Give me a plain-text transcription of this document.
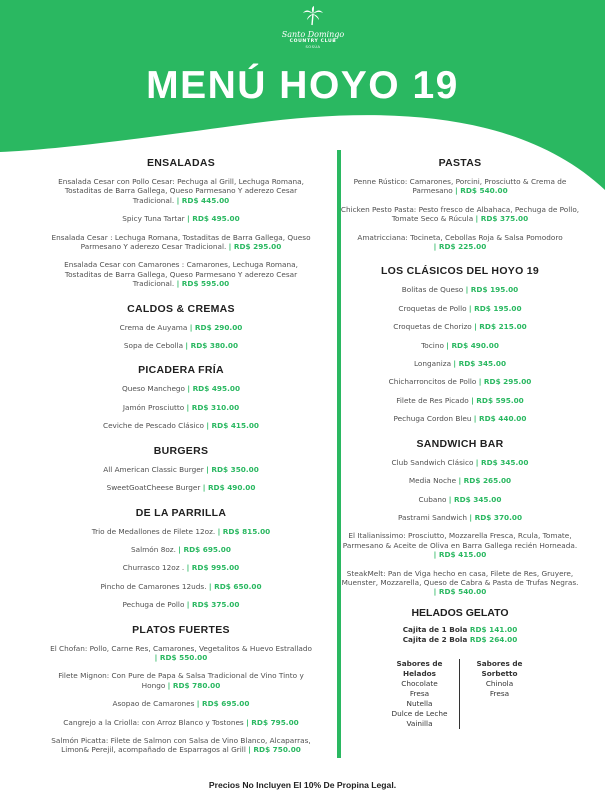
Santo Domingo
COUNTRY CLUB
SOSÚA
MENÚ HOYO 19
ENSALADAS
Ensalada Cesar con Pollo Cesar: Pechuga al Grill, Lechuga Romana, Tostaditas de Barra Gallega, Queso Parmesano Y aderezo Cesar Tradicional. | RD$ 445.00
Spicy Tuna Tartar | RD$ 495.00
Ensalada Cesar : Lechuga Romana, Tostaditas de Barra Gallega, Queso Parmesano Y aderezo Cesar Tradicional. | RD$ 295.00
Ensalada Cesar con Camarones : Camarones, Lechuga Romana, Tostaditas de Barra Gallega, Queso Parmesano Y aderezo Cesar Tradicional. | RD$ 595.00
CALDOS & CREMAS
Crema de Auyama | RD$ 290.00
Sopa de Cebolla | RD$ 380.00
PICADERA FRÍA
Queso Manchego | RD$ 495.00
Jamón Prosciutto | RD$ 310.00
Ceviche de Pescado Clásico | RD$ 415.00
BURGERS
All American Classic Burger | RD$ 350.00
SweetGoatCheese Burger | RD$ 490.00
DE LA PARRILLA
Trio de Medallones de Filete 12oz. | RD$ 815.00
Salmón 8oz. | RD$ 695.00
Churrasco 12oz . | RD$ 995.00
Pincho de Camarones 12uds. | RD$ 650.00
Pechuga de Pollo | RD$ 375.00
PLATOS FUERTES
El Chofan: Pollo, Carne Res, Camarones, Vegetalitos & Huevo Estrallado | RD$ 550.00
Filete Mignon: Con Pure de Papa & Salsa Tradicional de Vino Tinto y Hongo | RD$ 780.00
Asopao de Camarones | RD$ 695.00
Cangrejo a la Criolla: con Arroz Blanco y Tostones | RD$ 795.00
Salmón Picatta: Filete de Salmon con Salsa de Vino Blanco, Alcaparras, Limon& Perejil, acompañado de Esparragos al Grill | RD$ 750.00
PASTAS
Penne Rústico: Camarones, Porcini, Prosciutto & Crema de Parmesano | RD$ 540.00
Chicken Pesto Pasta: Pesto fresco de Albahaca, Pechuga de Pollo, Tomate Seco & Rúcula | RD$ 375.00
Amatricciana: Tocineta, Cebollas Roja & Salsa Pomodoro | RD$ 225.00
LOS CLÁSICOS DEL HOYO 19
Bolitas de Queso | RD$ 195.00
Croquetas de Pollo | RD$ 195.00
Croquetas de Chorizo | RD$ 215.00
Tocino | RD$ 490.00
Longaniza | RD$ 345.00
Chicharroncitos de Pollo | RD$ 295.00
Filete de Res Picado | RD$ 595.00
Pechuga Cordon Bleu | RD$ 440.00
SANDWICH BAR
Club Sandwich Clásico | RD$ 345.00
Media Noche | RD$ 265.00
Cubano | RD$ 345.00
Pastrami Sandwich | RD$ 370.00
El Italianissimo: Prosciutto, Mozzarella Fresca, Rcula, Tomate, Parmesano & Aceite de Oliva en Barra Gallega recién Horneada. | RD$ 415.00
SteakMelt: Pan de Viga hecho en casa, Filete de Res, Gruyere, Muenster, Mozzarella, Queso de Cabra & Pasta de Trufas Negras. | RD$ 540.00
HELADOS GELATO
Cajita de 1 Bola RD$ 141.00
Cajita de 2 Bola RD$ 264.00
Sabores de Helados
Chocolate
Fresa
Nutella
Dulce de Leche
Vainilla
Sabores de Sorbetto
Chinola
Fresa
Precios No Incluyen El 10% De Propina Legal.
